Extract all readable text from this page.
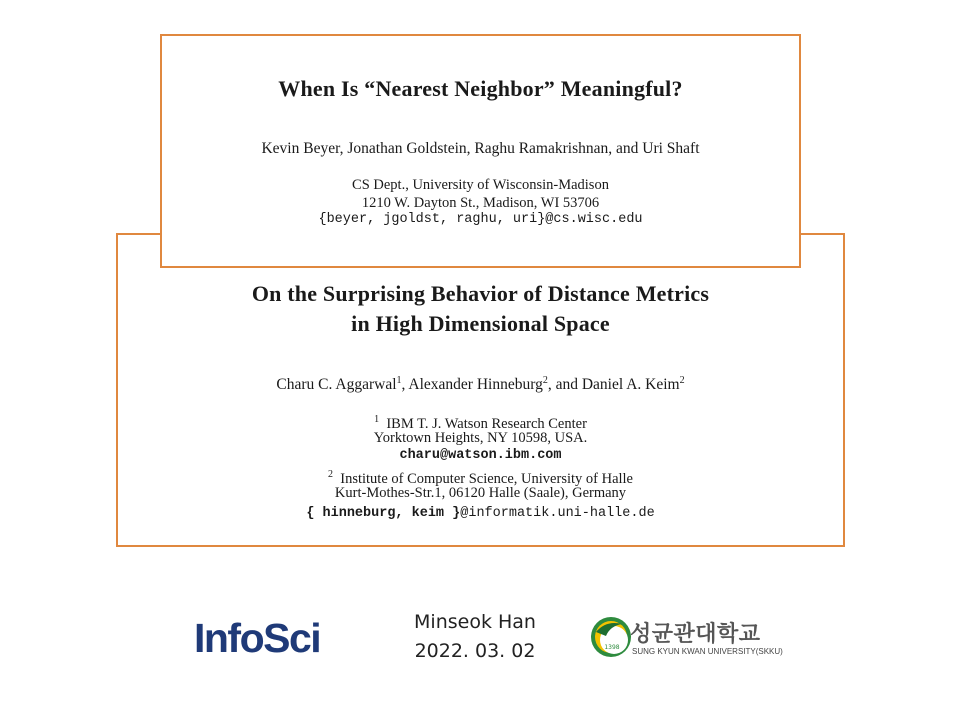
On the Surprising Behavior of Distance Metrics
in High Dimensional Space
Charu C. Aggarwal$^1$, Alexander Hinneburg$^2$, and Daniel A. Keim$^2$
$^1$ IBM T. J. Watson Research Center
Yorktown Heights, NY 10598, USA.
charu@watson.ibm.com
$^2$ Institute of Computer Science, University of Halle
Kurt-Mothes-Str.1, 06120 Halle (Saale), Germany
{ hinneburg, keim }@informatik.uni-halle.de
When Is “Nearest Neighbor” Meaningful?
Kevin Beyer, Jonathan Goldstein, Raghu Ramakrishnan, and Uri Shaft
CS Dept., University of Wisconsin-Madison
1210 W. Dayton St., Madison, WI 53706
{beyer, jgoldst, raghu, uri}@cs.wisc.edu
InfoSci	Minseok Han
2022. 03. 02	1398
성균관대학교
SUNG KYUN KWAN UNIVERSITY(SKKU)
